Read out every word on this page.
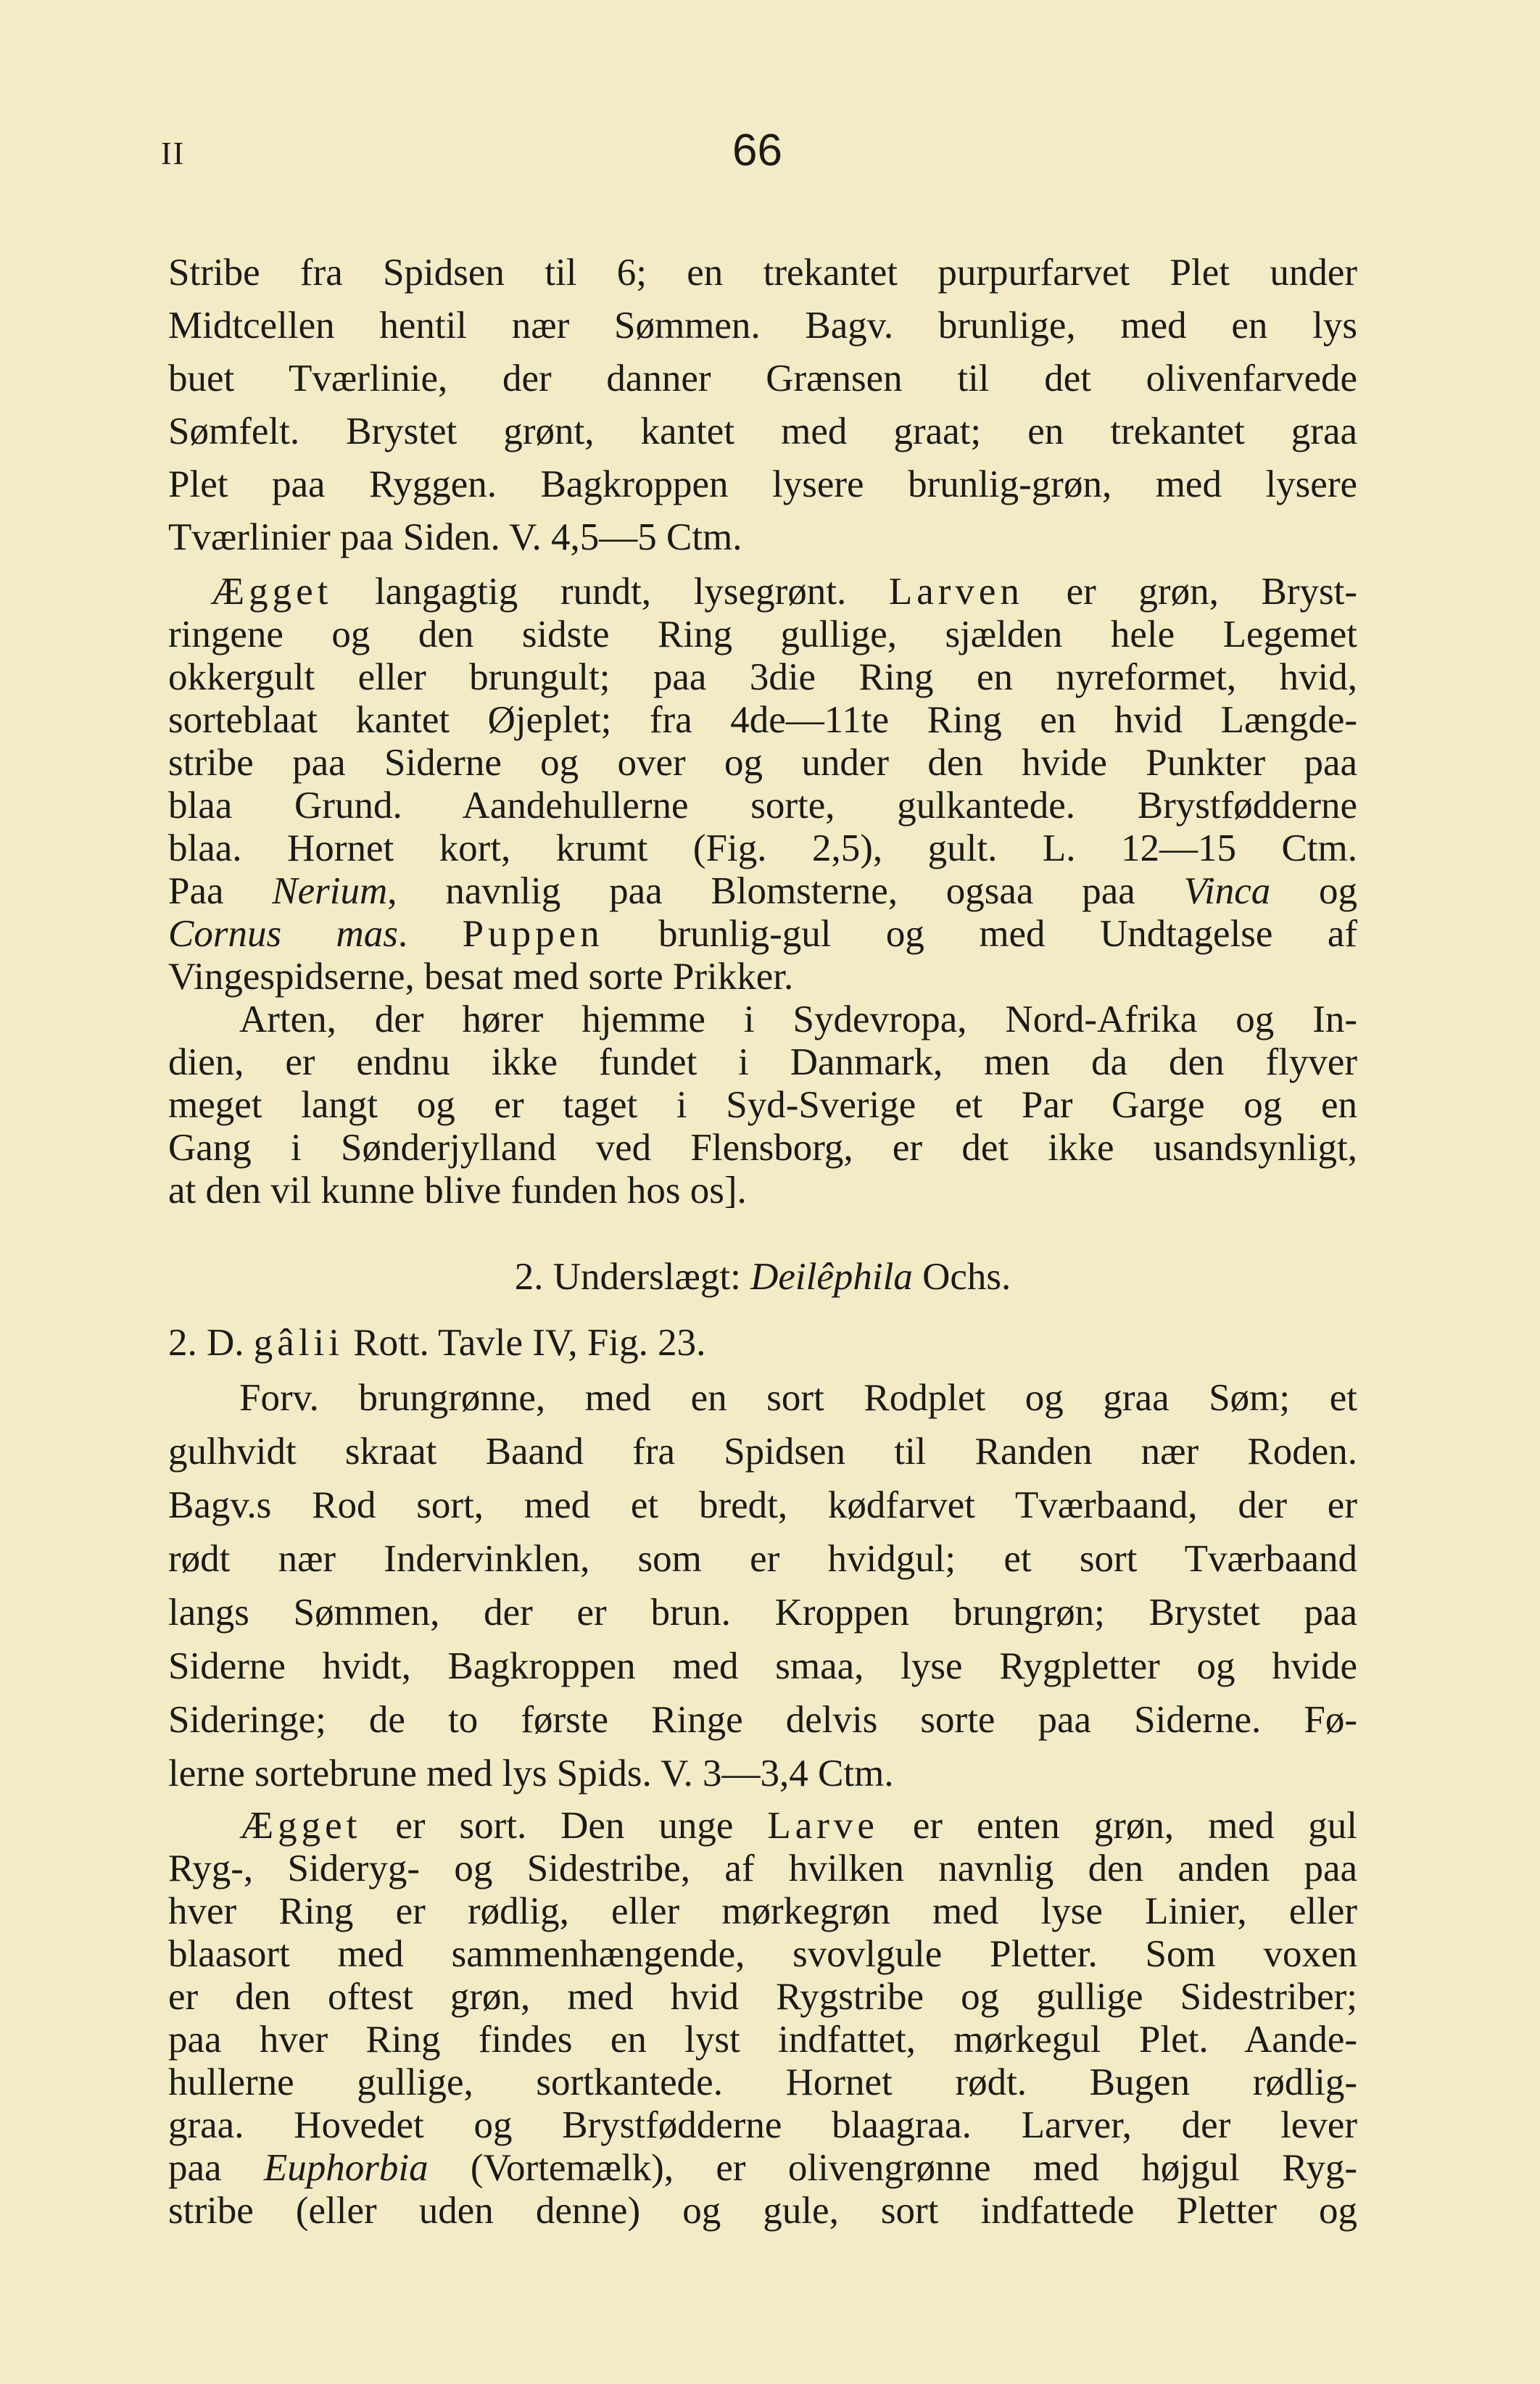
II	66
Stribe fra Spidsen til 6; en trekantet purpurfarvet Plet under
Midtcellen hentil nær Sømmen. Bagv. brunlige, med en lys
buet Tværlinie, der danner Grænsen til det olivenfarvede
Sømfelt. Brystet grønt, kantet med graat; en trekantet graa
Plet paa Ryggen. Bagkroppen lysere brunlig-grøn, med lysere
Tværlinier paa Siden. V. 4,5—5 Ctm.
Ægget langagtig rundt, lysegrønt. Larven er grøn, Bryst-
ringene og den sidste Ring gullige, sjælden hele Legemet
okkergult eller brungult; paa 3die Ring en nyreformet, hvid,
sorteblaat kantet Øjeplet; fra 4de—11te Ring en hvid Længde-
stribe paa Siderne og over og under den hvide Punkter paa
blaa Grund. Aandehullerne sorte, gulkantede. Brystfødderne
blaa. Hornet kort, krumt (Fig. 2,5), gult. L. 12—15 Ctm.
Paa Nerium, navnlig paa Blomsterne, ogsaa paa Vinca og
Cornus mas. Puppen brunlig-gul og med Undtagelse af
Vingespidserne, besat med sorte Prikker.
Arten, der hører hjemme i Sydevropa, Nord-Afrika og In-
dien, er endnu ikke fundet i Danmark, men da den flyver
meget langt og er taget i Syd-Sverige et Par Garge og en
Gang i Sønderjylland ved Flensborg, er det ikke usandsynligt,
at den vil kunne blive funden hos os].
2. Underslægt: Deilêphila Ochs.
2. D. gâlii Rott. Tavle IV, Fig. 23.
Forv. brungrønne, med en sort Rodplet og graa Søm; et
gulhvidt skraat Baand fra Spidsen til Randen nær Roden.
Bagv.s Rod sort, med et bredt, kødfarvet Tværbaand, der er
rødt nær Indervinklen, som er hvidgul; et sort Tværbaand
langs Sømmen, der er brun. Kroppen brungrøn; Brystet paa
Siderne hvidt, Bagkroppen med smaa, lyse Rygpletter og hvide
Sideringe; de to første Ringe delvis sorte paa Siderne. Fø-
lerne sortebrune med lys Spids. V. 3—3,4 Ctm.
Ægget er sort. Den unge Larve er enten grøn, med gul
Ryg-, Sideryg- og Sidestribe, af hvilken navnlig den anden paa
hver Ring er rødlig, eller mørkegrøn med lyse Linier, eller
blaasort med sammenhængende, svovlgule Pletter. Som voxen
er den oftest grøn, med hvid Rygstribe og gullige Sidestriber;
paa hver Ring findes en lyst indfattet, mørkegul Plet. Aande-
hullerne gullige, sortkantede. Hornet rødt. Bugen rødlig-
graa. Hovedet og Brystfødderne blaagraa. Larver, der lever
paa Euphorbia (Vortemælk), er olivengrønne med højgul Ryg-
stribe (eller uden denne) og gule, sort indfattede Pletter og
